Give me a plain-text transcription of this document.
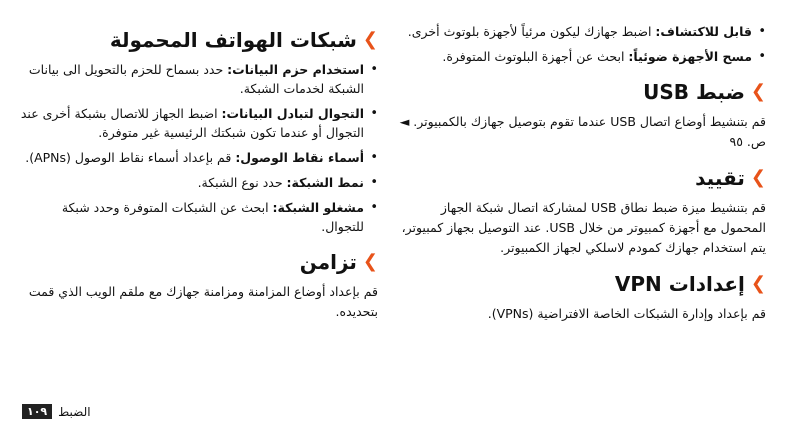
• قابل للاكتشاف: اضبط جهازك ليكون مرئياً لأجهزة بلوتوث أخرى.
• مسح الأجهزة ضوئياً: ابحث عن أجهزة البلوتوث المتوفرة.
❯
ضبط USB

قم بتنشيط أوضاع اتصال USB عندما تقوم بتوصيل جهازك بالكمبيوتر. ◄ ص. ٩٥

❯
تقييد

قم بتنشيط ميزة ضبط نطاق USB لمشاركة اتصال شبكة الجهاز المحمول مع أجهزة كمبيوتر من خلال USB. عند التوصيل بجهاز كمبيوتر، يتم استخدام جهازك كمودم لاسلكي لجهاز الكمبيوتر.

❯
إعدادات VPN

قم بإعداد وإدارة الشبكات الخاصة الافتراضية (VPNs).

❯
شبكات الهواتف المحمولة
• استخدام حزم البيانات: حدد بسماح للحزم بالتحويل الى بيانات الشبكة لخدمات الشبكة.
• التجوال لتبادل البيانات: اضبط الجهاز للاتصال بشبكة أخرى عند التجوال أو عندما تكون شبكتك الرئيسية غير متوفرة.
• أسماء نقاط الوصول: قم بإعداد أسماء نقاط الوصول (APNs).
• نمط الشبكة: حدد نوع الشبكة.
• مشغلو الشبكة: ابحث عن الشبكات المتوفرة وحدد شبكة للتجوال.
❯
تزامن

قم بإعداد أوضاع المزامنة ومزامنة جهازك مع ملقم الويب الذي قمت بتحديده.

١٠٩ الضبط
